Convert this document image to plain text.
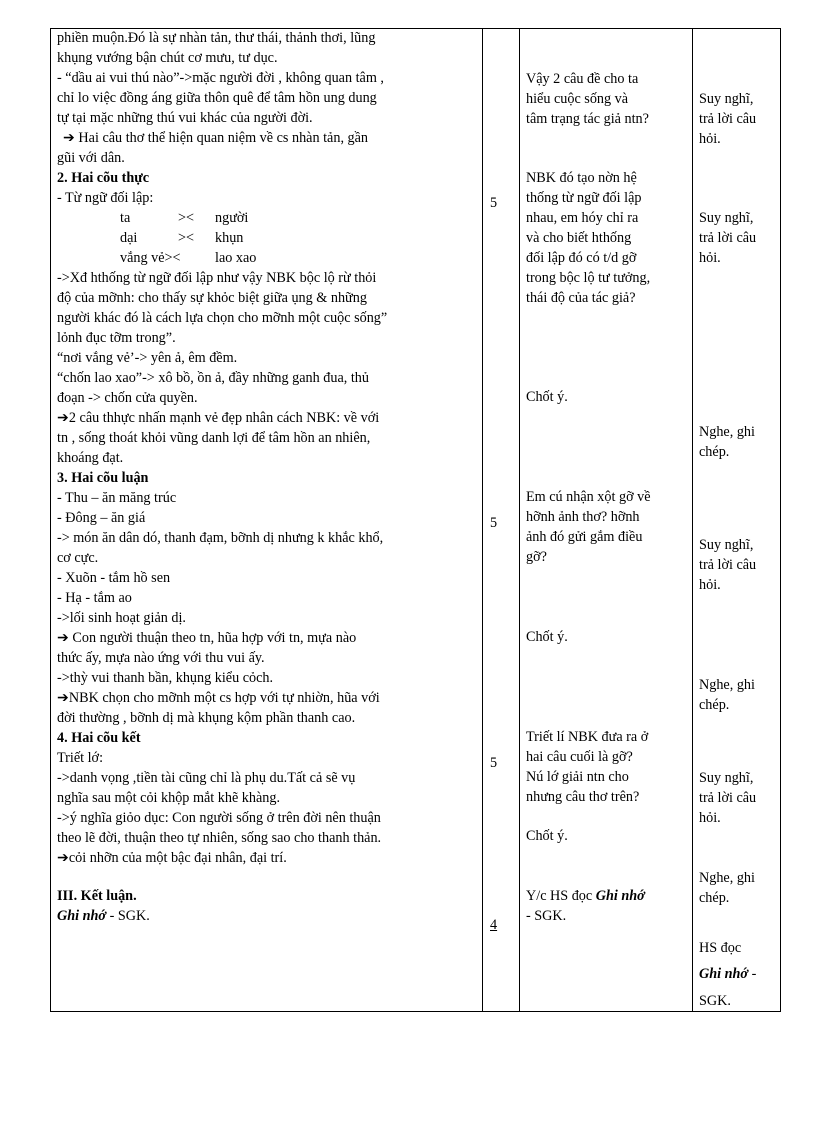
phiền muộn.Đó là sự nhàn tản, thư thái, thảnh thơi, lũng
khụng vướng bận chút cơ mưu, tư dục.
- “dầu ai vui thú nào”->mặc người đời , không quan tâm ,
chỉ lo việc đồng áng giữa thôn quê để tâm hồn ung dung
tự tại mặc những thú vui khác của người đời.
➔ Hai câu thơ thể hiện quan niệm về cs nhàn tản, gần
gũi với dân.
2. Hai cõu thực
- Từ ngữ đối lập:
ta	>< người
dại	>< khụn
vắng vẻ>< lao xao
->Xđ hthống từ ngữ đối lập như vậy NBK bộc lộ rừ thỏi
độ của mỡnh: cho thấy sự khỏc biệt giữa ụng & những
người khác đó là cách lựa chọn cho mỡnh một cuộc sống”
lỏnh đục tỡm trong”.
“nơi vắng vẻ’-> yên ả, êm đềm.
“chốn lao xao”-> xô bồ, ồn ả, đầy những ganh đua, thủ
đoạn -> chốn cửa quyền.
➔2 câu thhực nhấn mạnh vẻ đẹp nhân cách NBK: về với
tn , sống thoát khỏi vũng danh lợi để tâm hồn an nhiên,
khoáng đạt.
3. Hai cõu luận
- Thu – ăn măng trúc
- Đông – ăn giá
-> món ăn dân dó, thanh đạm, bỡnh dị nhưng k khắc khổ,
cơ cực.
- Xuõn - tắm hồ sen
- Hạ - tắm ao
->lối sinh hoạt giản dị.
➔ Con người thuận theo tn, hũa hợp với tn, mựa nào
thức ấy, mựa nào ứng với thu vui ấy.
->thỳ vui thanh bần, khụng kiểu cỏch.
➔NBK chọn cho mỡnh một cs hợp với tự nhiờn, hũa với
đời thường , bỡnh dị mà khụng kộm phần thanh cao.
4. Hai cõu kết
Triết lớ:
->danh vọng ,tiền tài cũng chỉ là phụ du.Tất cả sẽ vụ
nghĩa sau một cỏi khộp mắt khẽ khàng.
->ý nghĩa giỏo dục: Con người sống ở trên đời nên thuận
theo lẽ đời, thuận theo tự nhiên, sống sao cho thanh thản.
➔cỏi nhỡn của một bậc đại nhân, đại trí.
III. Kết luận.
Ghi nhớ - SGK.
5
5
5
4
Vậy 2 câu đề cho ta
hiểu cuộc sống và
tâm trạng tác giả ntn?
NBK đó tạo nờn hệ
thống từ ngữ đối lập
nhau, em hóy chỉ ra
và cho biết hthống
đối lập đó có t/d gỡ
trong bộc lộ tư tưởng,
thái độ của tác giả?
Chốt ý.
Em cú nhận xột gỡ về
hỡnh ảnh thơ? hỡnh
ảnh đó gửi gắm điều
gỡ?
Chốt ý.
Triết lí NBK đưa ra ở
hai câu cuối là gỡ?
Nú lớ giải ntn cho
nhưng câu thơ trên?
Chốt ý.
Y/c HS đọc Ghi nhớ
- SGK.
Suy nghĩ,
trả lời câu
hỏi.
Suy nghĩ,
trả lời câu
hỏi.
Nghe, ghi
chép.
Suy nghĩ,
trả lời câu
hỏi.
Nghe, ghi
chép.
Suy nghĩ,
trả lời câu
hỏi.
Nghe, ghi
chép.
HS đọc
Ghi nhớ -
SGK.
